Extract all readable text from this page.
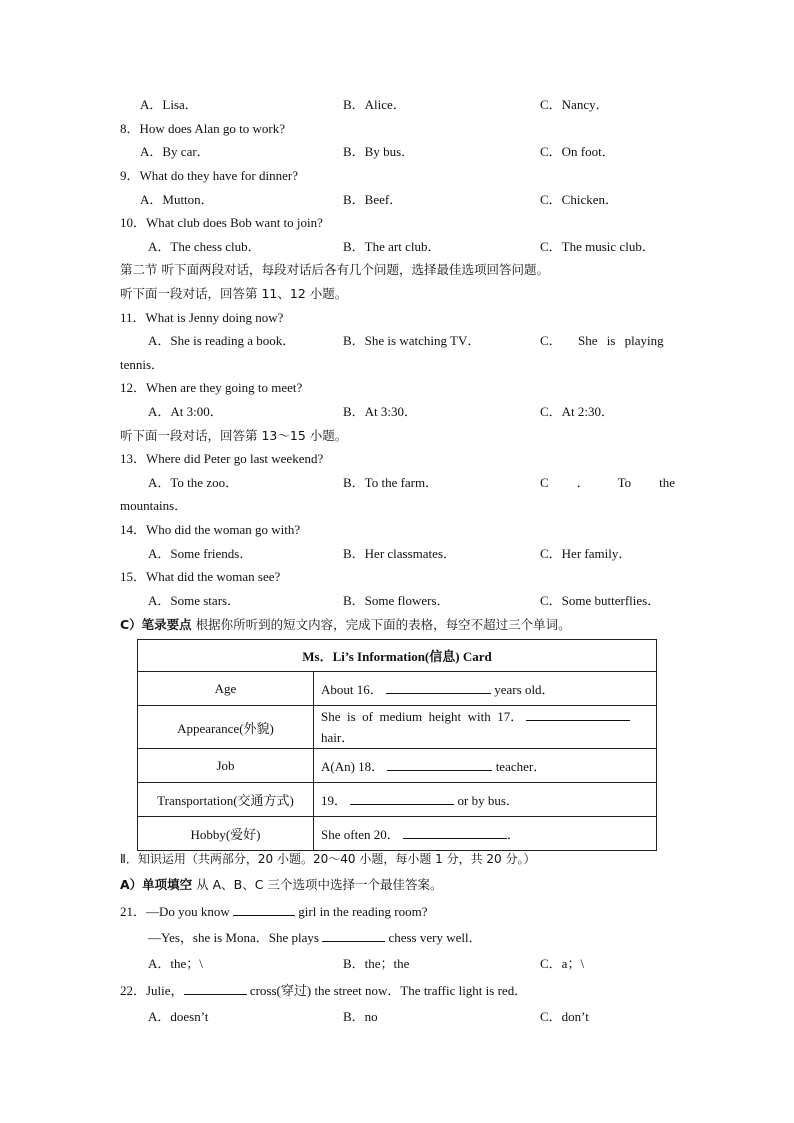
A．Lisa．	B．Alice．	C．Nancy．
8．How does Alan go to work?
A．By car．	B．By bus．	C．On foot．
9．What do they have for dinner?
A．Mutton．	B．Beef．	C．Chicken．
10．What club does Bob want to join?
A．The chess club．	B．The art club．	C．The music club．
第二节 听下面两段对话，每段对话后各有几个问题，选择最佳选项回答问题。
听下面一段对话，回答第 11、12 小题。
11．What is Jenny doing now?
A．She is reading a book．	B．She is watching TV．	C． She is playing
tennis．
12．When are they going to meet?
A．At 3:00．	B．At 3:30．	C．At 2:30．
听下面一段对话，回答第 13～15 小题。
13．Where did Peter go last weekend?
A．To the zoo．	B．To the farm．	C ． To the
mountains．
14．Who did the woman go with?
A．Some friends．	B．Her classmates．	C．Her family．
15．What did the woman see?
A．Some stars．	B．Some flowers．	C．Some butterflies．
C）笔录要点 根据你所听到的短文内容，完成下面的表格，每空不超过三个单词。
Ms．Li’s Information(信息) Card	
Age	About 16． years old．
Appearance(外貌)	She  is  of  medium  height  with  17．
hair．
Job	A(An) 18． teacher．
Transportation(交通方式)	19． or by bus．
Hobby(爱好)	She often 20． ．
Ⅱ．知识运用（共两部分，20 小题。20～40 小题，每小题 1 分，共 20 分。）
A）单项填空 从 A、B、C 三个选项中选择一个最佳答案。
21．—Do you know	girl in the reading room?
—Yes，she is Mona．She plays	chess very well．
A．the；\	B．the；the	C．a；\
22．Julie，	cross(穿过) the street now．The traffic light is red．
A．doesn’t	B．no	C．don’t
